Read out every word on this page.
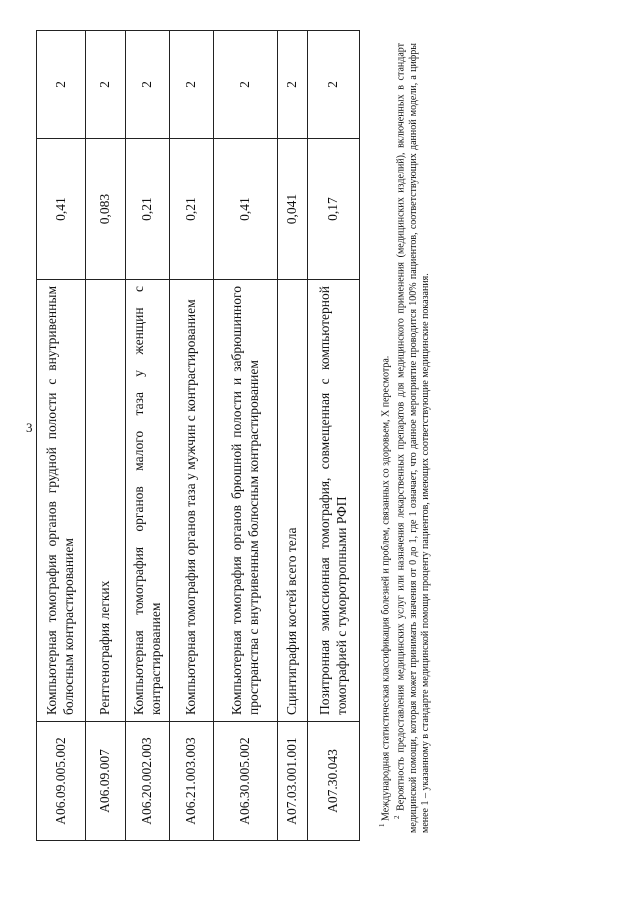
3
A06.09.005.002	Компьютерная томография органов грудной полости с внутривенным болюсным контрастированием	0,41	2
A06.09.007	Рентгенография легких	0,083	2
A06.20.002.003	Компьютерная томография органов малого таза у женщин с контрастированием	0,21	2
A06.21.003.003	Компьютерная томография органов таза у мужчин с контрастированием	0,21	2
A06.30.005.002	Компьютерная томография органов брюшной полости и забрюшинного пространства с внутривенным болюсным контрастированием	0,41	2
A07.03.001.001	Сцинтиграфия костей всего тела	0,041	2
A07.30.043	Позитронная эмиссионная томография, совмещенная с компьютерной томографией с туморотропными РФП	0,17	2

$^1$ Международная статистическая классификация болезней и проблем, связанных со здоровьем, X пересмотра. $^2$ Вероятность предоставления медицинских услуг или назначения лекарственных препаратов для медицинского применения (медицинских изделий), включенных в стандарт медицинской помощи, которая может принимать значения от 0 до 1, где 1 означает, что данное мероприятие проводится 100% пациентов, соответствующих данной модели, а цифры менее 1 – указанному в стандарте медицинской помощи проценту пациентов, имеющих соответствующие медицинские показания.
